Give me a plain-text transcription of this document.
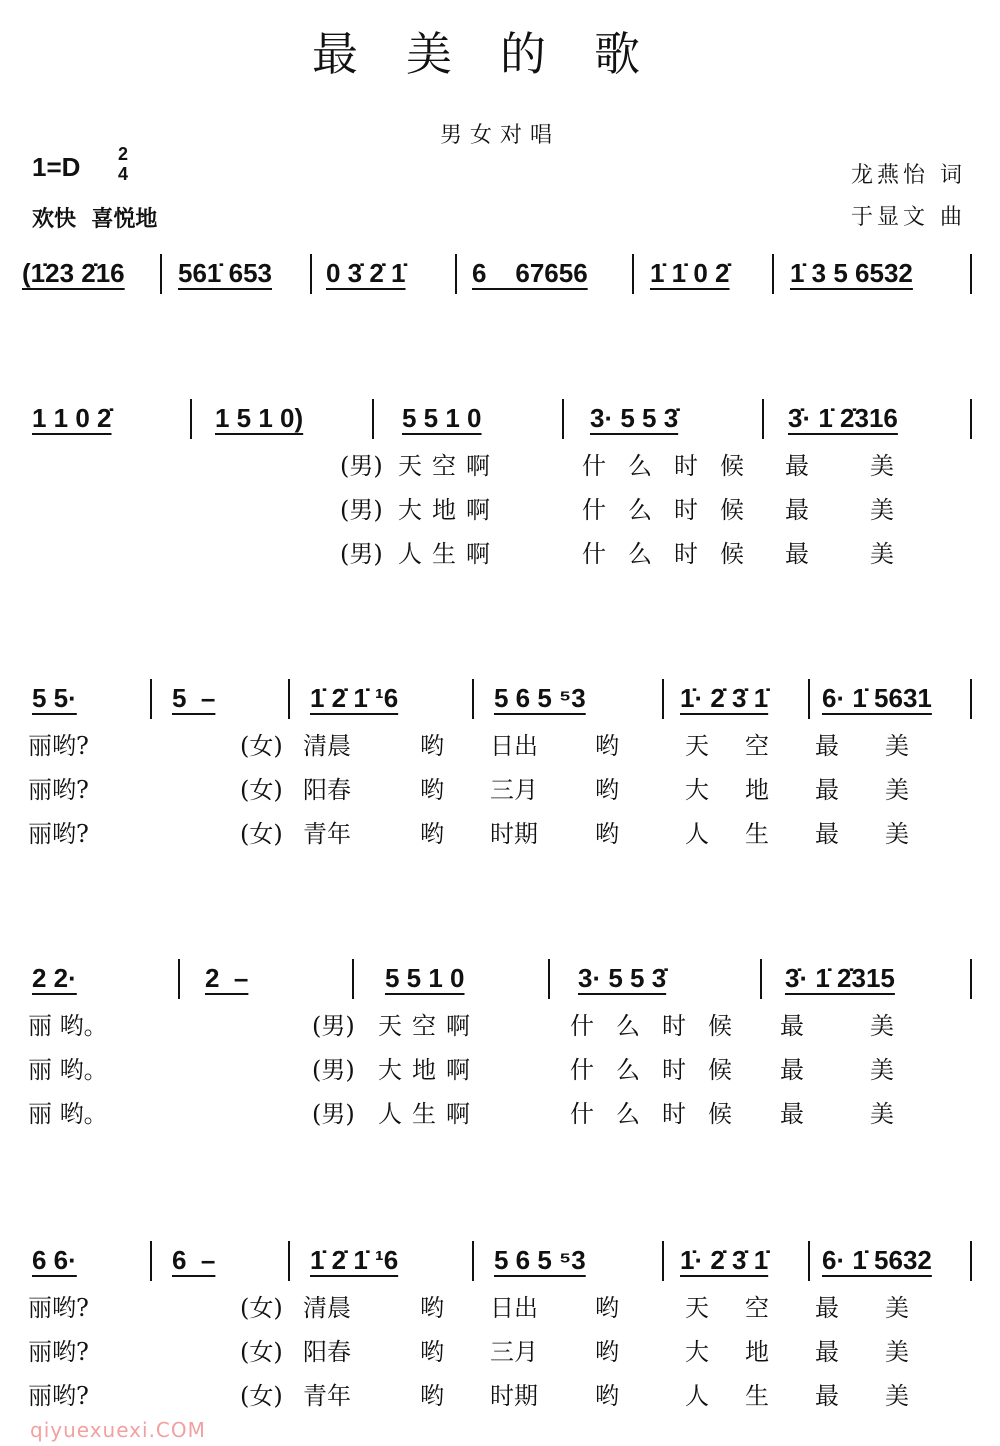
最美的歌
男女对唱
1=D 2
4
欢快  喜悦地
龙燕怡 词
于显文 曲
(1̇23 2̇16 561̇ 653 0 3̇ 2̇ 1̇	6    67656 1̇ 1̇ 0 2̇ 1̇ 3 5 6532
1 1 0 2̇	1 5 1 0)	5 5 1 0	3· 5 5 3̇	3̇· 1̇ 2̇316
(男) 天空啊	什么时候 最	美
(男) 大地啊	什么时候 最	美
(男) 人生啊	什么时候 最	美
5 5·	5  –	1̇ 2̇ 1̇ ¹6	5 6 5 ⁵3	1̇· 2̇ 3̇ 1̇ 6· 1̇ 5631
丽哟?	(女) 清晨	哟 日出 哟	天 空 最 美
丽哟?	(女) 阳春	哟 三月 哟	大 地 最 美
丽哟?	(女) 青年	哟 时期 哟	人 生 最 美
2 2·	2  –	5 5 1 0	3· 5 5 3̇	3̇· 1̇ 2̇315
丽 哟。	(男) 天空啊	什么时候 最	美
丽 哟。	(男) 大地啊	什么时候 最	美
丽 哟。	(男) 人生啊	什么时候 最	美
6 6·	6  –	1̇ 2̇ 1̇ ¹6	5 6 5 ⁵3	1̇· 2̇ 3̇ 1̇ 6· 1̇ 5632
丽哟?	(女) 清晨	哟 日出 哟	天 空 最 美
丽哟?	(女) 阳春	哟 三月 哟	大 地 最 美
丽哟?	(女) 青年	哟 时期 哟	人 生 最 美
qiyuexuexi.COM
